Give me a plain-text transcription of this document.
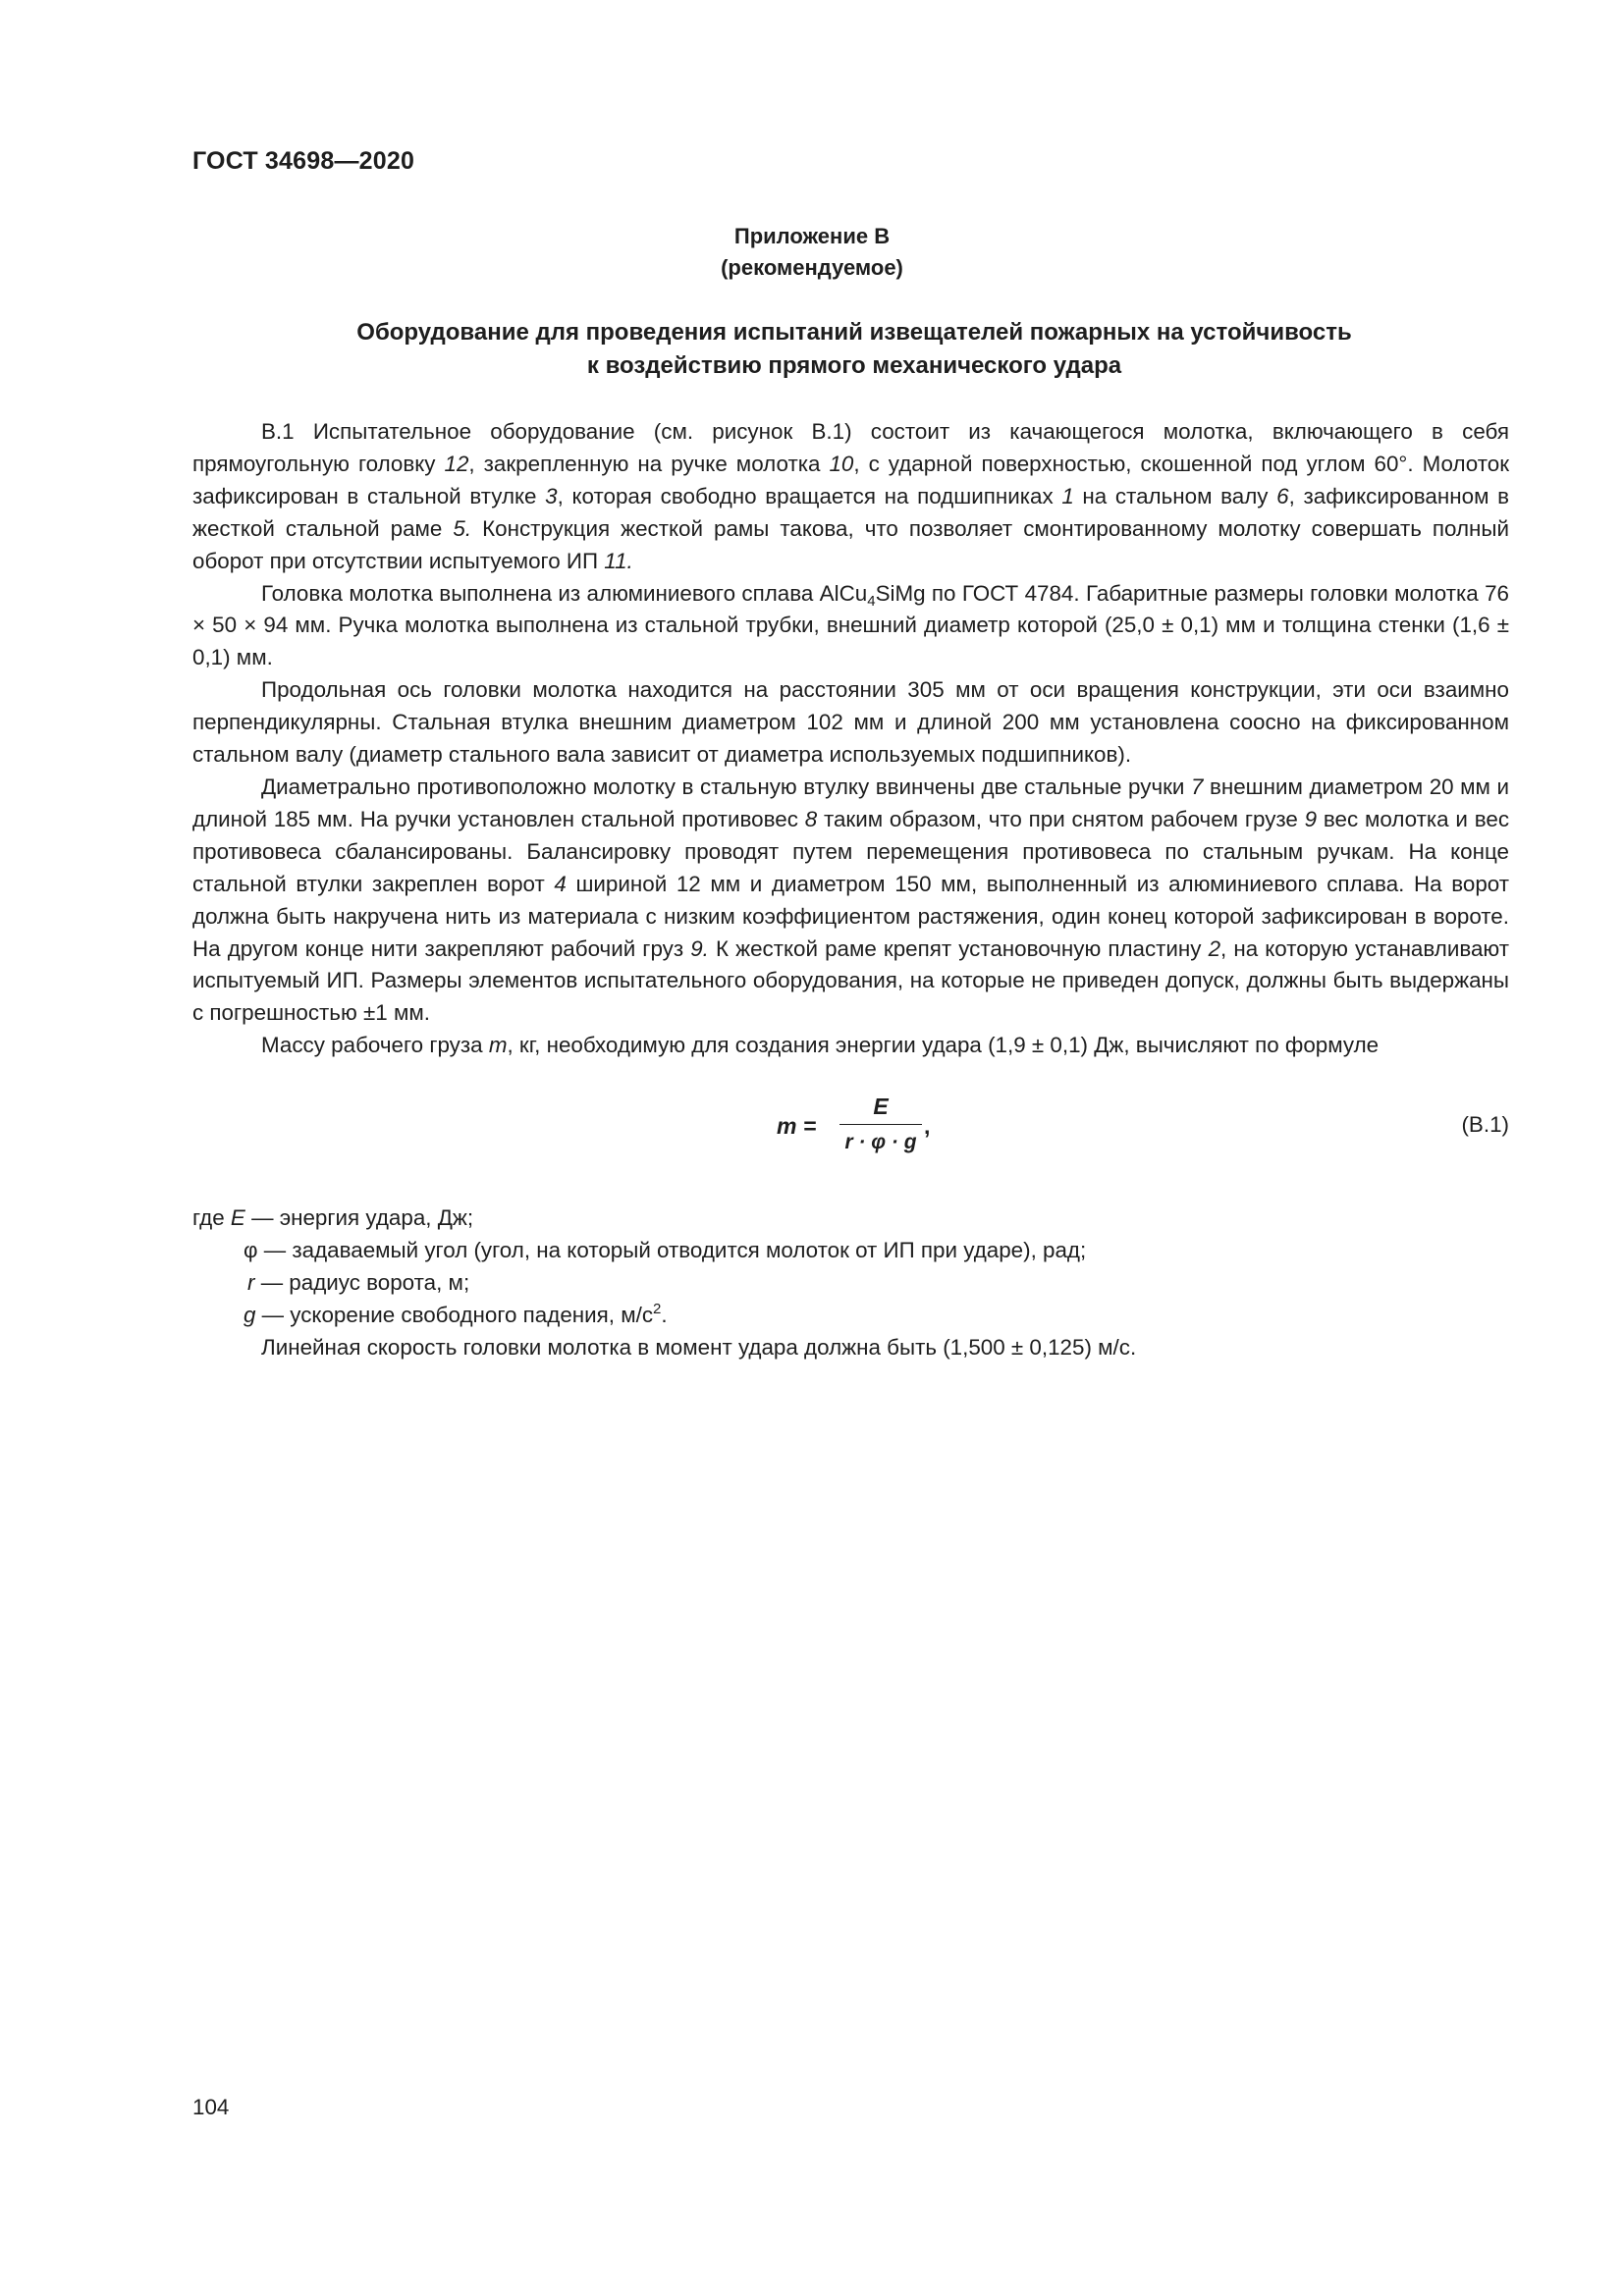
ГОСТ 34698—2020
Приложение В
(рекомендуемое)
Оборудование для проведения испытаний извещателей пожарных на устойчивость
к воздействию прямого механического удара

В.1 Испытательное оборудование (см. рисунок В.1) состоит из качающегося молотка, включающего в себя прямоугольную головку 12, закрепленную на ручке молотка 10, с ударной поверхностью, скошенной под углом 60°. Молоток зафиксирован в стальной втулке 3, которая свободно вращается на подшипниках 1 на стальном валу 6, зафиксированном в жесткой стальной раме 5. Конструкция жесткой рамы такова, что позволяет смонтированному молотку совершать полный оборот при отсутствии испытуемого ИП 11.

Головка молотка выполнена из алюминиевого сплава AlCu$_4$SiMg по ГОСТ 4784. Габаритные размеры головки молотка 76 × 50 × 94 мм. Ручка молотка выполнена из стальной трубки, внешний диаметр которой (25,0 ± 0,1) мм и толщина стенки (1,6 ± 0,1) мм.

Продольная ось головки молотка находится на расстоянии 305 мм от оси вращения конструкции, эти оси взаимно перпендикулярны. Стальная втулка внешним диаметром 102 мм и длиной 200 мм установлена соосно на фиксированном стальном валу (диаметр стального вала зависит от диаметра используемых подшипников).

Диаметрально противоположно молотку в стальную втулку ввинчены две стальные ручки 7 внешним диаметром 20 мм и длиной 185 мм. На ручки установлен стальной противовес 8 таким образом, что при снятом рабочем грузе 9 вес молотка и вес противовеса сбалансированы. Балансировку проводят путем перемещения противовеса по стальным ручкам. На конце стальной втулки закреплен ворот 4 шириной 12 мм и диаметром 150 мм, выполненный из алюминиевого сплава. На ворот должна быть накручена нить из материала с низким коэффициентом растяжения, один конец которой зафиксирован в вороте. На другом конце нити закрепляют рабочий груз 9. К жесткой раме крепят установочную пластину 2, на которую устанавливают испытуемый ИП. Размеры элементов испытательного оборудования, на которые не приведен допуск, должны быть выдержаны с погрешностью ±1 мм.

Массу рабочего груза m, кг, необходимую для создания энергии удара (1,9 ± 0,1) Дж, вычисляют по формуле

m =
E
r · φ · g
,	(В.1)
где E — энергия удара, Дж;
φ — задаваемый угол (угол, на который отводится молоток от ИП при ударе), рад;
r — радиус ворота, м;
g — ускорение свободного падения, $м/с^2$.
Линейная скорость головки молотка в момент удара должна быть (1,500 ± 0,125) м/с.
104
